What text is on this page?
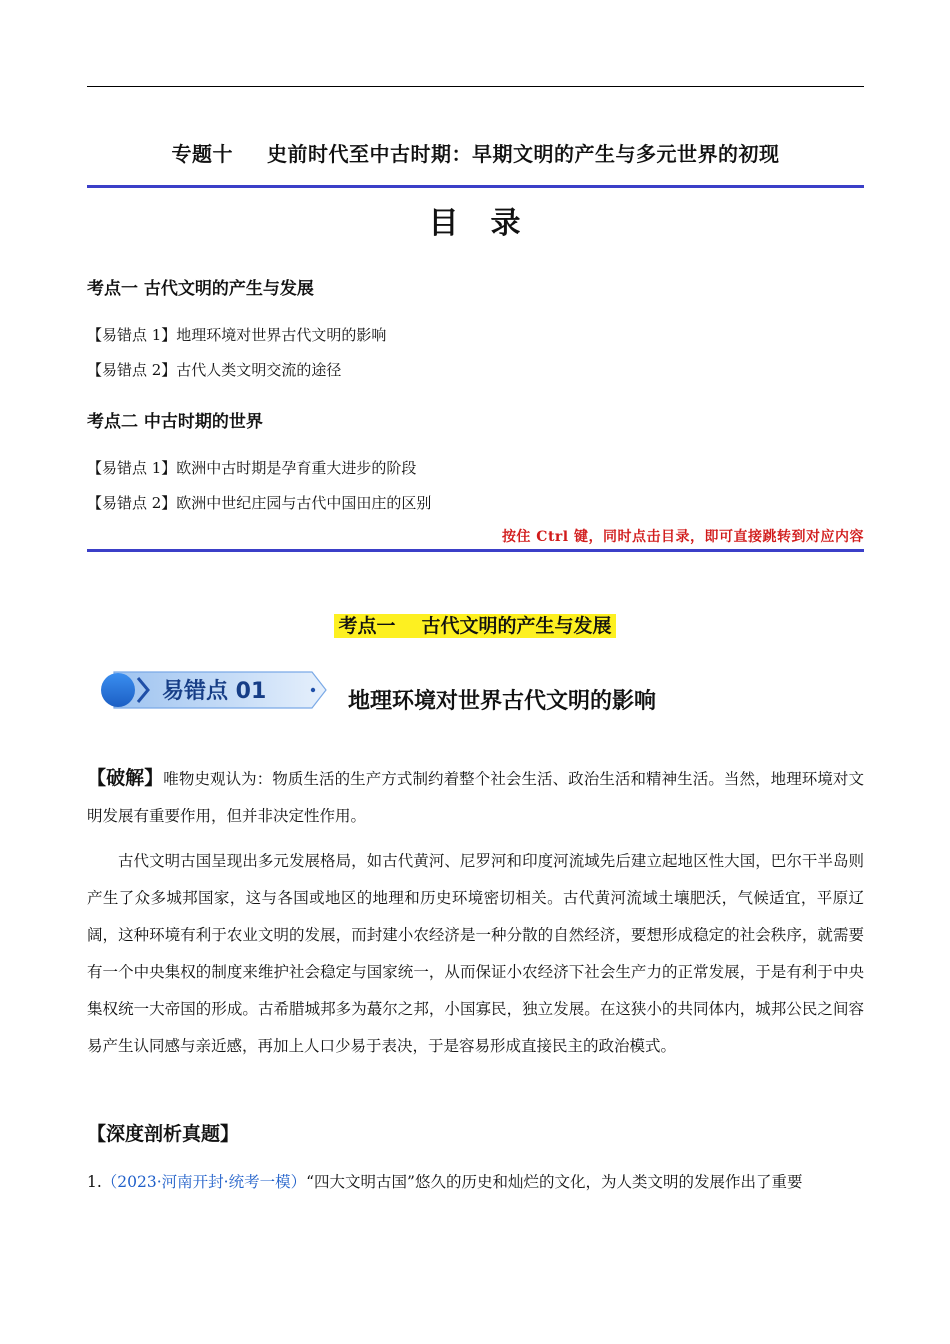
专题十 史前时代至中古时期：早期文明的产生与多元世界的初现
目 录
考点一 古代文明的产生与发展
【易错点 1】地理环境对世界古代文明的影响
【易错点 2】古代人类文明交流的途径
考点二 中古时期的世界
【易错点 1】欧洲中古时期是孕育重大进步的阶段
【易错点 2】欧洲中世纪庄园与古代中国田庄的区别
按住 Ctrl 键，同时点击目录，即可直接跳转到对应内容
考点一 古代文明的产生与发展
易错点 01	地理环境对世界古代文明的影响
【破解】唯物史观认为：物质生活的生产方式制约着整个社会生活、政治生活和精神生活。当然，地理环境对文明发展有重要作用，但并非决定性作用。
古代文明古国呈现出多元发展格局，如古代黄河、尼罗河和印度河流域先后建立起地区性大国，巴尔干半岛则产生了众多城邦国家，这与各国或地区的地理和历史环境密切相关。古代黄河流域土壤肥沃，气候适宜，平原辽阔，这种环境有利于农业文明的发展，而封建小农经济是一种分散的自然经济，要想形成稳定的社会秩序，就需要有一个中央集权的制度来维护社会稳定与国家统一，从而保证小农经济下社会生产力的正常发展，于是有利于中央集权统一大帝国的形成。古希腊城邦多为蕞尔之邦，小国寡民，独立发展。在这狭小的共同体内，城邦公民之间容易产生认同感与亲近感，再加上人口少易于表决，于是容易形成直接民主的政治模式。
【深度剖析真题】
1.（2023·河南开封·统考一模）“四大文明古国”悠久的历史和灿烂的文化，为人类文明的发展作出了重要
